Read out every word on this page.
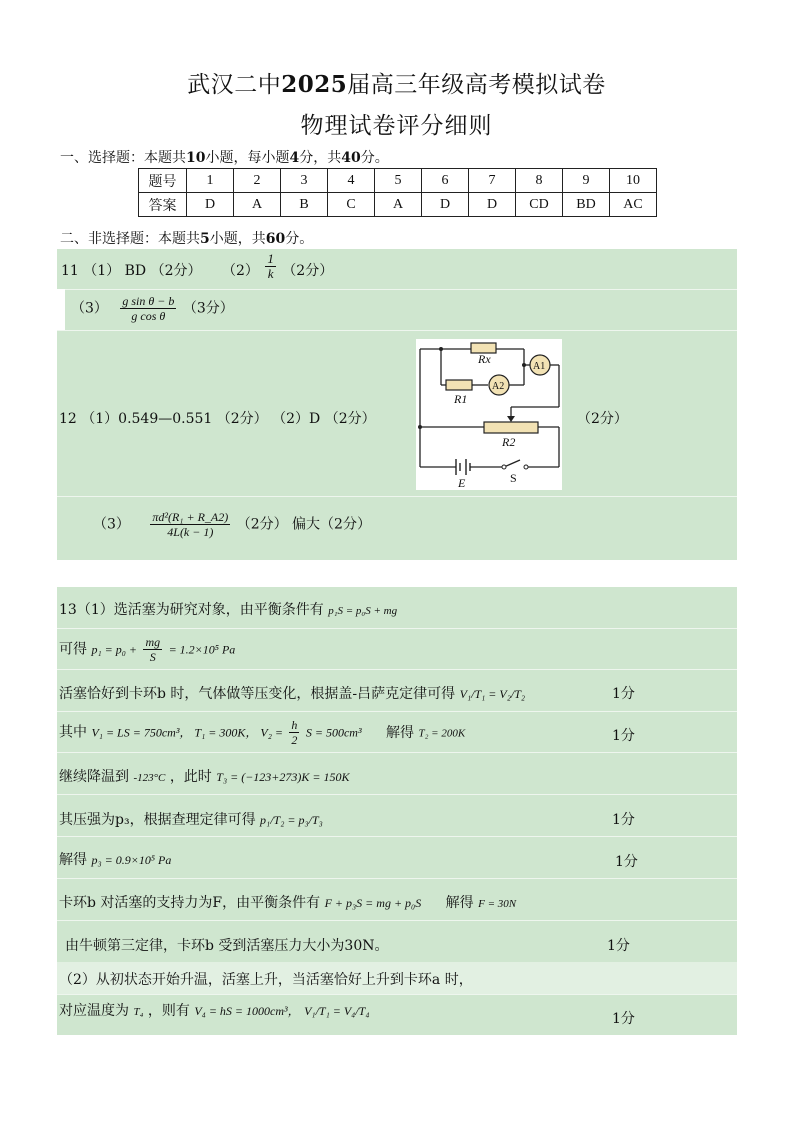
武汉二中2025届高三年级高考模拟试卷
物理试卷评分细则
一、选择题：本题共10小题，每小题4分，共40分。
题号	1	2	3	4	5	6	7	8	9	10
答案	D	A	B	C	A	D	D	CD	BD	AC
二、非选择题：本题共5小题，共60分。
11 （1） BD （2分） $(2) \frac{1}{k} (2$分）
$(3) \frac{\text{g sin θ − b}}{\text{g cos θ}} (3$分）
12 （1）0.549—0.551 （2分） （2）D （2分）	（2分）
Rx
A1
A2
R1
R2
E	S
$(3) \frac{\text{πd²(R₁ + R\_A2)}}{4L(k - 1)} (2$分） 偏大（2分）
13（1）选活塞为研究对象，由平衡条件有 p₁S = p₀S + mg
可得 $p_1 = p_0 + \frac{mg}{S} = 1.2\times 10^5$ Pa
活塞恰好到卡环b 时，气体做等压变化，根据盖-吕萨克定律可得 V₁/T₁ = V₂/T₂	1分
其中 V₁ = LS = 750cm³， T₁ = 300K， $V_2 = \frac{h}{2}$ S = 500cm³ 解得 T₂ = 200K	1分
继续降温到 -123°C ，此时 T₃ = (−123+273)K = 150K
其压强为p₃，根据查理定律可得 p₁/T₂ = p₃/T₃	1分
解得 p₃ = 0.9×10⁵ Pa	1分
卡环b 对活塞的支持力为F，由平衡条件有 F + p₃S = mg + p₀S 解得 F = 30N
由牛顿第三定律，卡环b 受到活塞压力大小为30N。	1分
（2）从初状态开始升温，活塞上升，当活塞恰好上升到卡环a 时，
对应温度为 T₄ ，则有 V₄ = hS = 1000cm³， V₁/T₁ = V₄/T₄	1分
